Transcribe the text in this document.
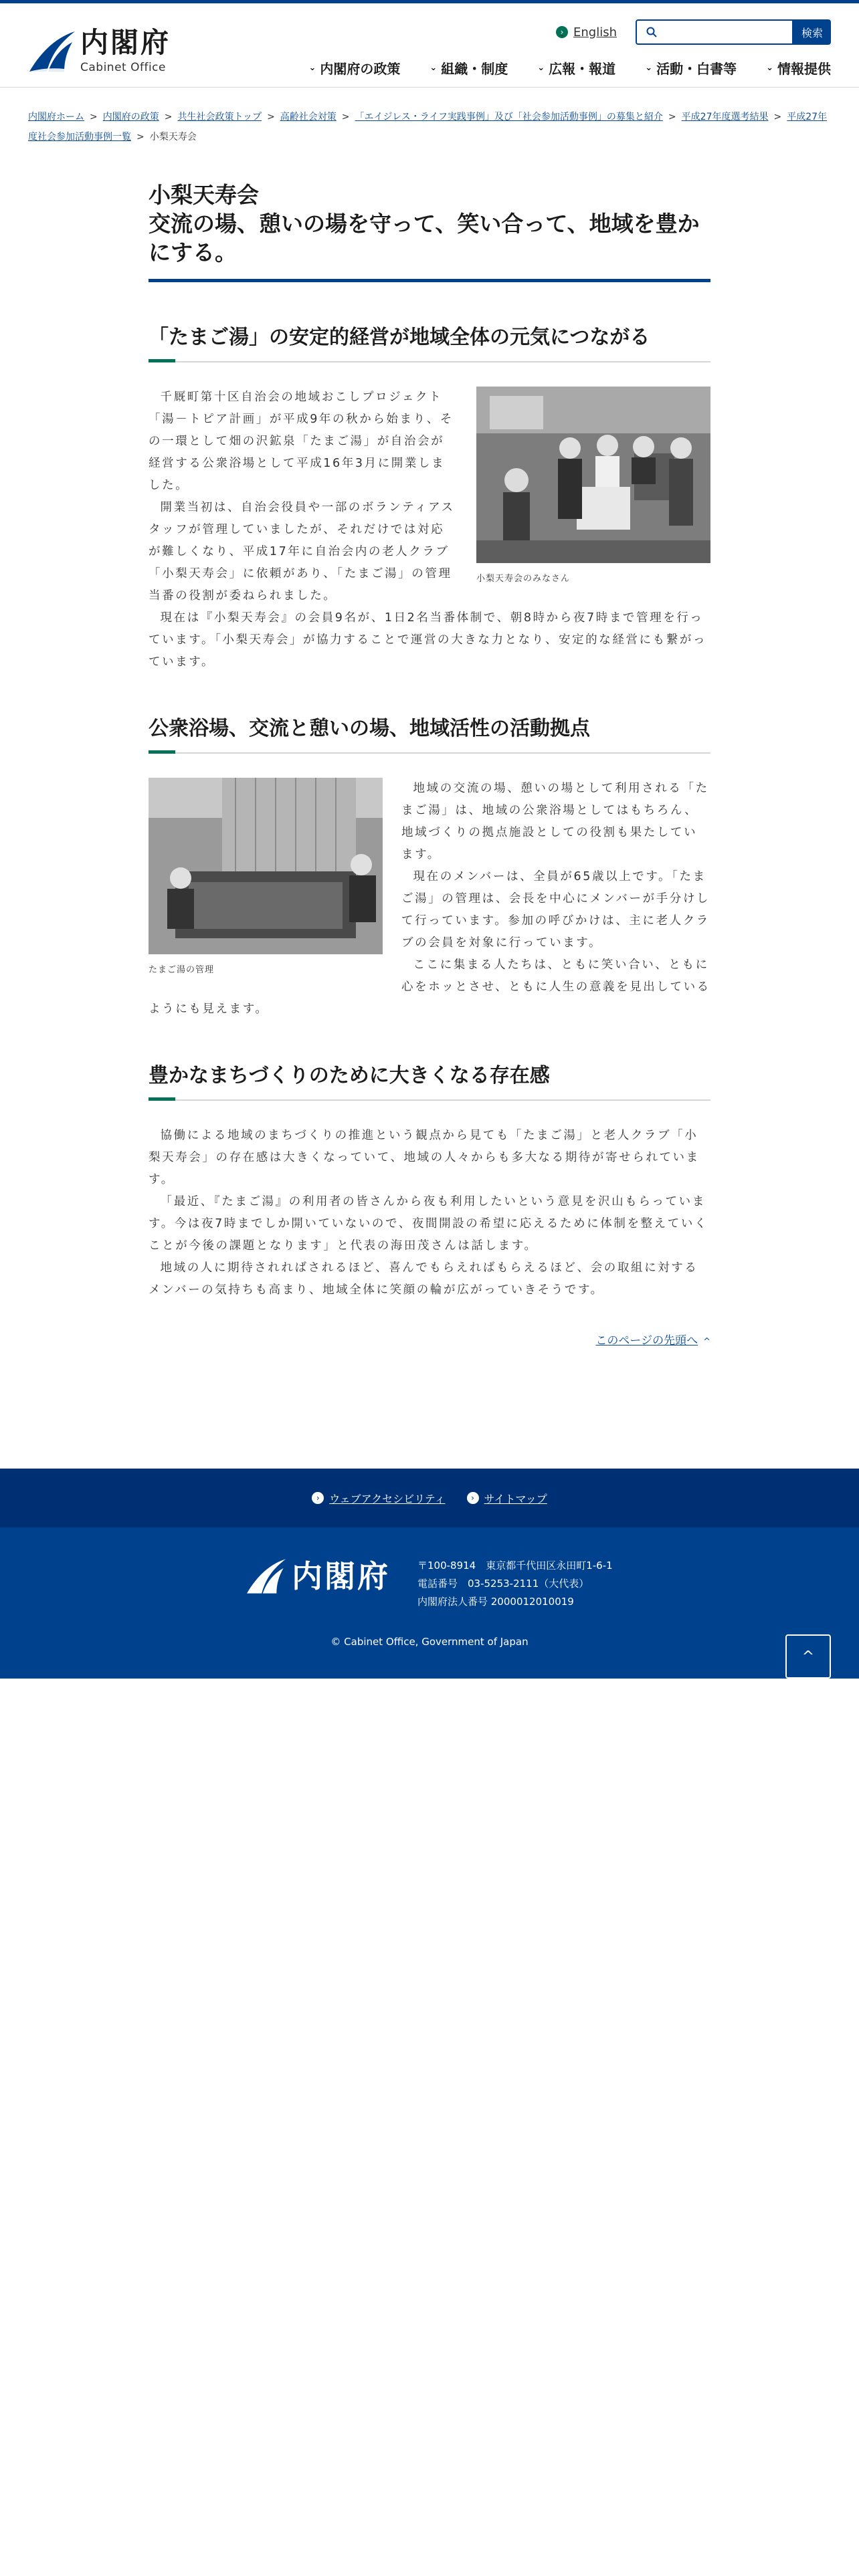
内閣府
Cabinet Office
› English	検索
⌄ 内閣府の政策	⌄ 組織・制度	⌄ 広報・報道	⌄ 活動・白書等	⌄ 情報提供
内閣府ホーム > 内閣府の政策 > 共生社会政策トップ > 高齢社会対策 > 「エイジレス・ライフ実践事例」及び「社会参加活動事例」の募集と紹介 > 平成27年度選考結果 > 平成27年度社会参加活動事例一覧 > 小梨天寿会
小梨天寿会
交流の場、憩いの場を守って、笑い合って、地域を豊かにする。
「たまご湯」の安定的経営が地域全体の元気につながる
小梨天寿会のみなさん

千厩町第十区自治会の地域おこしプロジェクト「湯－トピア計画」が平成9年の秋から始まり、その一環として畑の沢鉱泉「たまご湯」が自治会が経営する公衆浴場として平成16年3月に開業しました。

開業当初は、自治会役員や一部のボランティアスタッフが管理していましたが、それだけでは対応が難しくなり、平成17年に自治会内の老人クラブ「小梨天寿会」に依頼があり、「たまご湯」の管理当番の役割が委ねられました。

現在は『小梨天寿会』の会員9名が、1日2名当番体制で、朝8時から夜7時まで管理を行っています。「小梨天寿会」が協力することで運営の大きな力となり、安定的な経営にも繋がっています。

公衆浴場、交流と憩いの場、地域活性の活動拠点
たまご湯の管理

地域の交流の場、憩いの場として利用される「たまご湯」は、地域の公衆浴場としてはもちろん、地域づくりの拠点施設としての役割も果たしています。

現在のメンバーは、全員が65歳以上です。「たまご湯」の管理は、会長を中心にメンバーが手分けして行っています。参加の呼びかけは、主に老人クラブの会員を対象に行っています。

ここに集まる人たちは、ともに笑い合い、ともに心をホッとさせ、ともに人生の意義を見出しているようにも見えます。

豊かなまちづくりのために大きくなる存在感

協働による地域のまちづくりの推進という観点から見ても「たまご湯」と老人クラブ「小梨天寿会」の存在感は大きくなっていて、地域の人々からも多大なる期待が寄せられています。

「最近、『たまご湯』の利用者の皆さんから夜も利用したいという意見を沢山もらっています。今は夜7時までしか開いていないので、夜間開設の希望に応えるために体制を整えていくことが今後の課題となります」と代表の海田茂さんは話します。

地域の人に期待されればされるほど、喜んでもらえればもらえるほど、会の取組に対するメンバーの気持ちも高まり、地域全体に笑顔の輪が広がっていきそうです。

このページの先頭へ ^
› ウェブアクセシビリティ	› サイトマップ
内閣府	〒100-8914　東京都千代田区永田町1-6-1
電話番号　03-5253-2111（大代表）
内閣府法人番号 2000012010019
© Cabinet Office, Government of Japan
^
